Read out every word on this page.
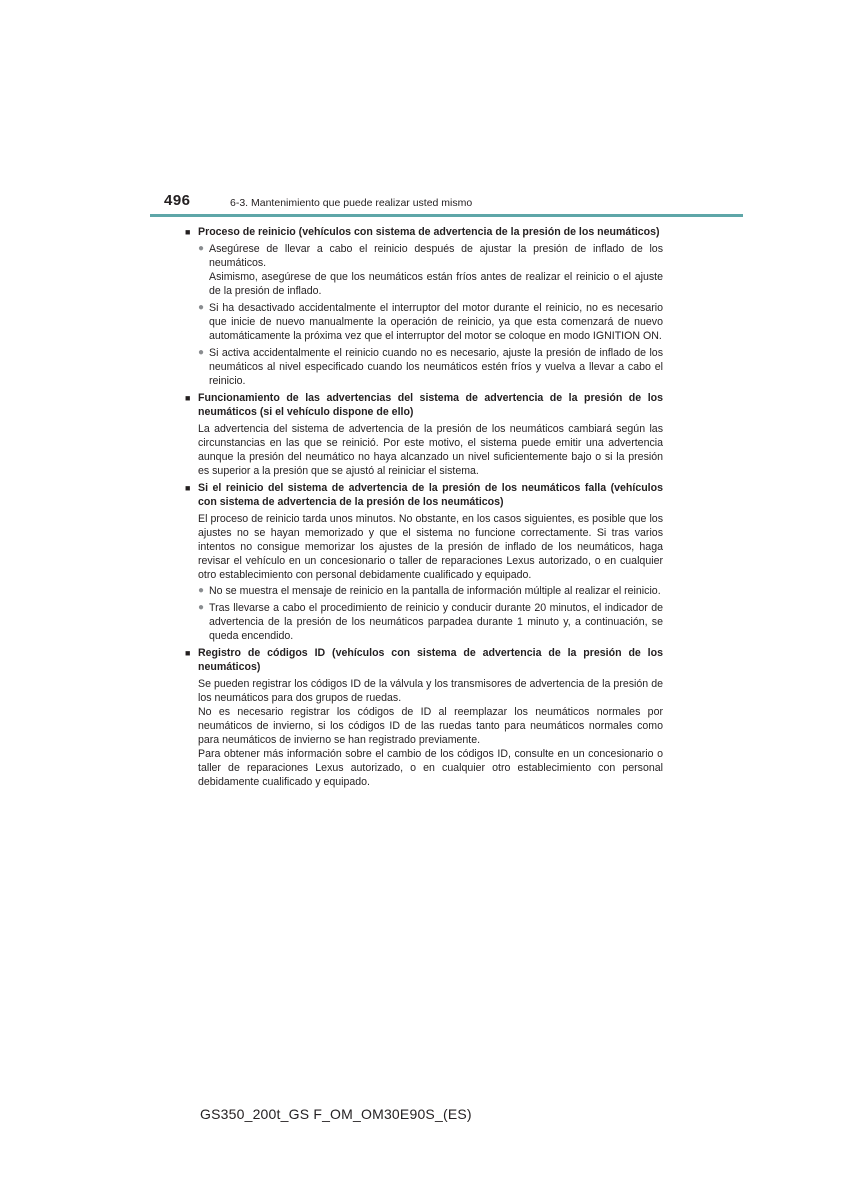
496	6-3. Mantenimiento que puede realizar usted mismo
■ Proceso de reinicio (vehículos con sistema de advertencia de la presión de los neumáticos)
● Asegúrese de llevar a cabo el reinicio después de ajustar la presión de inflado de los neumáticos.

Asimismo, asegúrese de que los neumáticos están fríos antes de realizar el reinicio o el ajuste de la presión de inflado.

● Si ha desactivado accidentalmente el interruptor del motor durante el reinicio, no es necesario que inicie de nuevo manualmente la operación de reinicio, ya que esta comenzará de nuevo automáticamente la próxima vez que el interruptor del motor se coloque en modo IGNITION ON.

● Si activa accidentalmente el reinicio cuando no es necesario, ajuste la presión de inflado de los neumáticos al nivel especificado cuando los neumáticos estén fríos y vuelva a llevar a cabo el reinicio.

■ Funcionamiento de las advertencias del sistema de advertencia de la presión de los neumáticos (si el vehículo dispone de ello)
La advertencia del sistema de advertencia de la presión de los neumáticos cambiará según las circunstancias en las que se reinició. Por este motivo, el sistema puede emitir una advertencia aunque la presión del neumático no haya alcanzado un nivel suficientemente bajo o si la presión es superior a la presión que se ajustó al reiniciar el sistema.
■ Si el reinicio del sistema de advertencia de la presión de los neumáticos falla (vehículos con sistema de advertencia de la presión de los neumáticos)
El proceso de reinicio tarda unos minutos. No obstante, en los casos siguientes, es posible que los ajustes no se hayan memorizado y que el sistema no funcione correctamente. Si tras varios intentos no consigue memorizar los ajustes de la presión de inflado de los neumáticos, haga revisar el vehículo en un concesionario o taller de reparaciones Lexus autorizado, o en cualquier otro establecimiento con personal debidamente cualificado y equipado.
● No se muestra el mensaje de reinicio en la pantalla de información múltiple al realizar el reinicio.

● Tras llevarse a cabo el procedimiento de reinicio y conducir durante 20 minutos, el indicador de advertencia de la presión de los neumáticos parpadea durante 1 minuto y, a continuación, se queda encendido.

■ Registro de códigos ID (vehículos con sistema de advertencia de la presión de los neumáticos)
Se pueden registrar los códigos ID de la válvula y los transmisores de advertencia de la presión de los neumáticos para dos grupos de ruedas.
No es necesario registrar los códigos de ID al reemplazar los neumáticos normales por neumáticos de invierno, si los códigos ID de las ruedas tanto para neumáticos normales como para neumáticos de invierno se han registrado previamente.
Para obtener más información sobre el cambio de los códigos ID, consulte en un concesionario o taller de reparaciones Lexus autorizado, o en cualquier otro establecimiento con personal debidamente cualificado y equipado.
GS350_200t_GS F_OM_OM30E90S_(ES)
